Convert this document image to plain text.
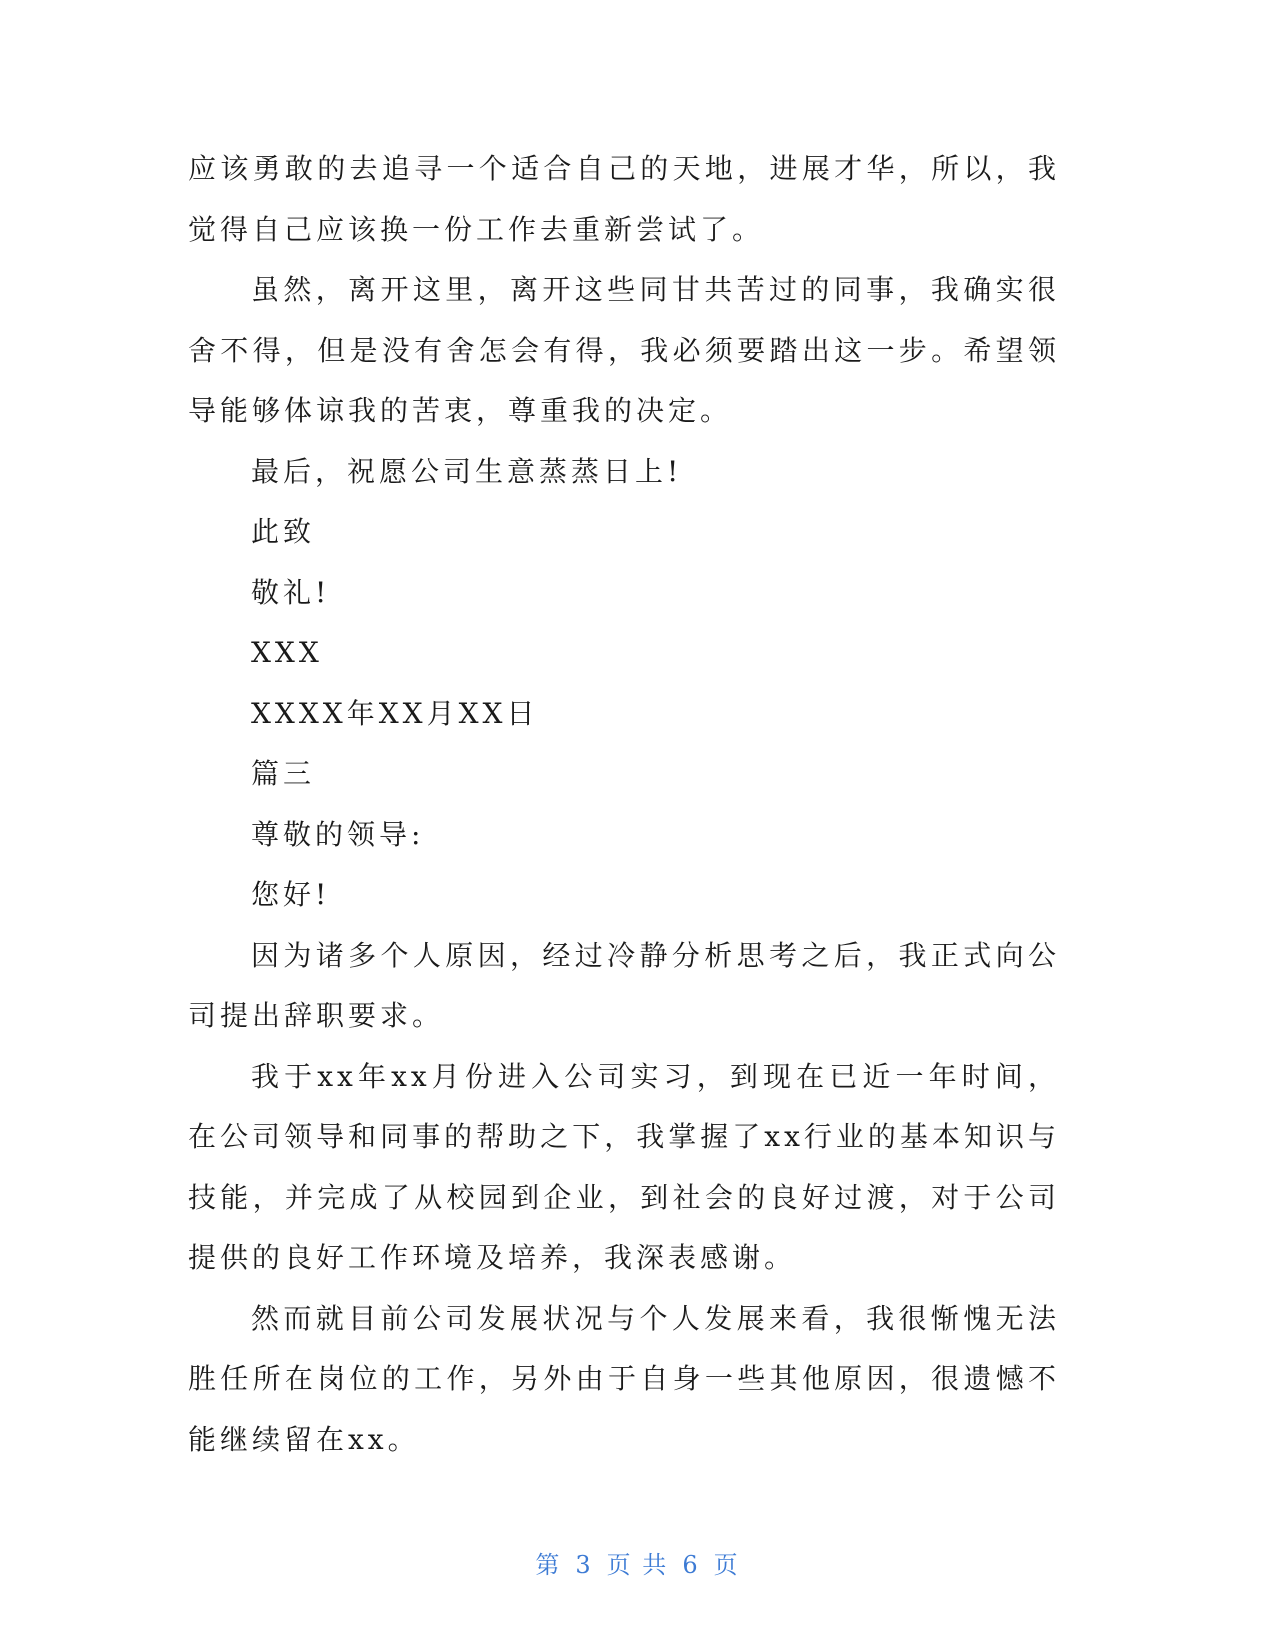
应该勇敢的去追寻一个适合自己的天地，进展才华，所以，我觉得自己应该换一份工作去重新尝试了。

虽然，离开这里，离开这些同甘共苦过的同事，我确实很舍不得，但是没有舍怎会有得，我必须要踏出这一步。希望领导能够体谅我的苦衷，尊重我的决定。

最后，祝愿公司生意蒸蒸日上!

此致

敬礼!

XXX

XXXX年XX月XX日

篇三

尊敬的领导:

您好!

因为诸多个人原因，经过冷静分析思考之后，我正式向公司提出辞职要求。

我于xx年xx月份进入公司实习，到现在已近一年时间，在公司领导和同事的帮助之下，我掌握了xx行业的基本知识与技能，并完成了从校园到企业，到社会的良好过渡，对于公司提供的良好工作环境及培养，我深表感谢。

然而就目前公司发展状况与个人发展来看，我很惭愧无法胜任所在岗位的工作，另外由于自身一些其他原因，很遗憾不能继续留在xx。

第 3 页 共 6 页
